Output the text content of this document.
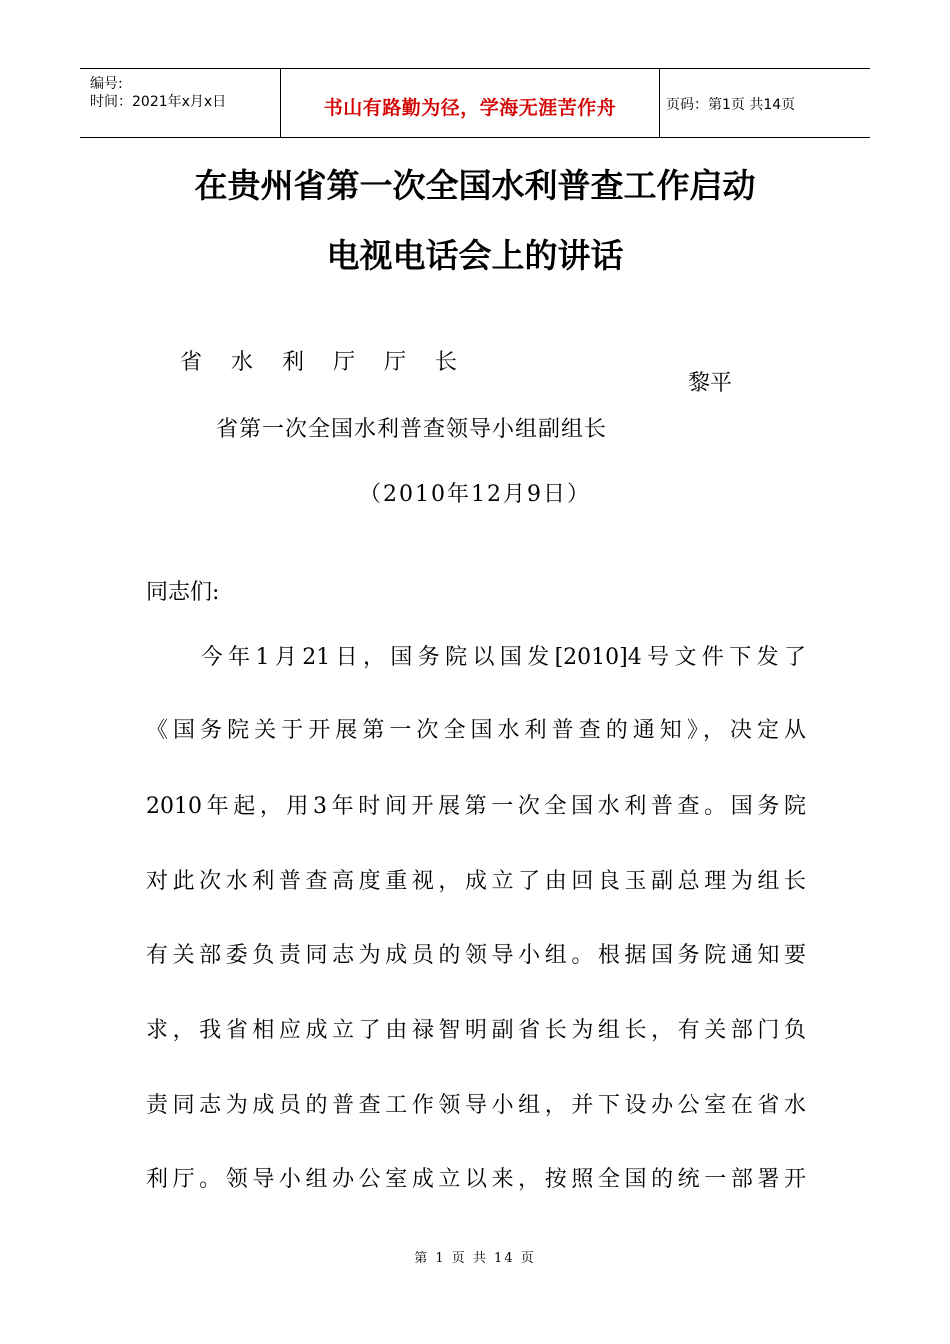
编号:
时间：2021年x月x日	书山有路勤为径，学海无涯苦作舟	页码：第1页 共14页
在贵州省第一次全国水利普查工作启动
电视电话会上的讲话
省水利厅厅长
黎平
省第一次全国水利普查领导小组副组长
（2010年12月9日）
同志们:
　　今年1月21日，国务院以国发[2010]4号文件下发了
《国务院关于开展第一次全国水利普查的通知》，决定从
2010年起，用3年时间开展第一次全国水利普查。国务院
对此次水利普查高度重视，成立了由回良玉副总理为组长
有关部委负责同志为成员的领导小组。根据国务院通知要
求，我省相应成立了由禄智明副省长为组长，有关部门负
责同志为成员的普查工作领导小组，并下设办公室在省水
利厅。领导小组办公室成立以来，按照全国的统一部署开
第 1 页 共 14 页
